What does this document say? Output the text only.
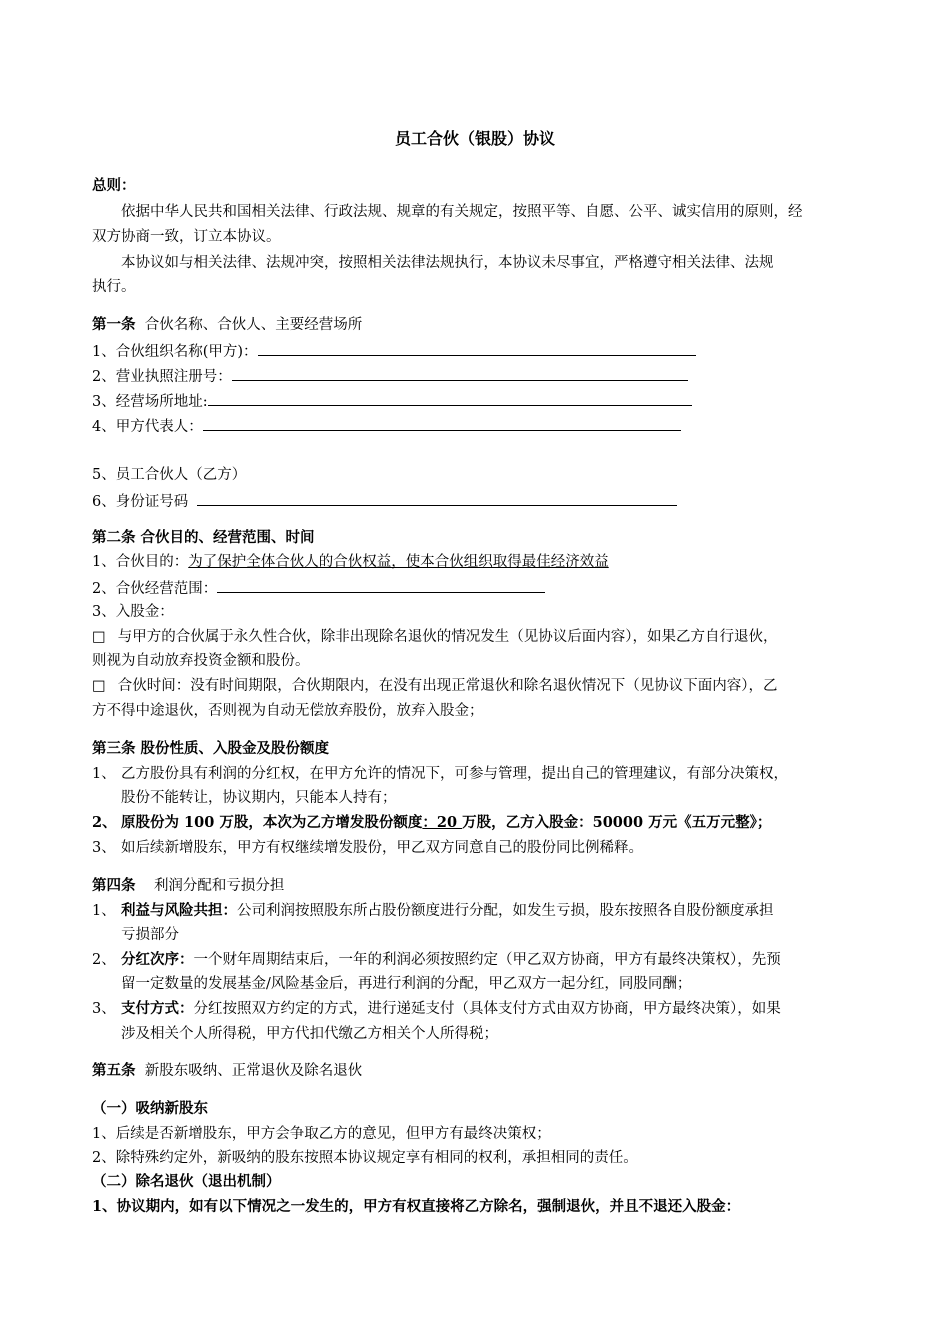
员工合伙（银股）协议
总则：
依据中华人民共和国相关法律、行政法规、规章的有关规定，按照平等、自愿、公平、诚实信用的原则，经
双方协商一致，订立本协议。
本协议如与相关法律、法规冲突，按照相关法律法规执行，本协议未尽事宜，严格遵守相关法律、法规
执行。
第一条 合伙名称、合伙人、主要经营场所
1、合伙组织名称(甲方)：
2、营业执照注册号：
3、经营场所地址:
4、甲方代表人：
5、员工合伙人（乙方）
6、身份证号码
第二条 合伙目的、经营范围、时间
1、合伙目的：为了保护全体合伙人的合伙权益，使本合伙组织取得最佳经济效益
2、合伙经营范围：
3、入股金：
□ 与甲方的合伙属于永久性合伙，除非出现除名退伙的情况发生（见协议后面内容），如果乙方自行退伙，
则视为自动放弃投资金额和股份。
□ 合伙时间：没有时间期限，合伙期限内，在没有出现正常退伙和除名退伙情况下（见协议下面内容），乙
方不得中途退伙，否则视为自动无偿放弃股份，放弃入股金；
第三条 股份性质、入股金及股份额度
1、 乙方股份具有利润的分红权，在甲方允许的情况下，可参与管理，提出自己的管理建议，有部分决策权，
股份不能转让，协议期内，只能本人持有；
2、 原股份为 100 万股，本次为乙方增发股份额度：20 万股，乙方入股金：50000 万元《五万元整》；
3、 如后续新增股东，甲方有权继续增发股份，甲乙双方同意自己的股份同比例稀释。
第四条 利润分配和亏损分担
1、 利益与风险共担：公司利润按照股东所占股份额度进行分配，如发生亏损，股东按照各自股份额度承担
亏损部分
2、 分红次序：一个财年周期结束后，一年的利润必须按照约定（甲乙双方协商，甲方有最终决策权），先预
留一定数量的发展基金/风险基金后，再进行利润的分配，甲乙双方一起分红，同股同酬；
3、 支付方式：分红按照双方约定的方式，进行递延支付（具体支付方式由双方协商，甲方最终决策），如果
涉及相关个人所得税，甲方代扣代缴乙方相关个人所得税；
第五条 新股东吸纳、正常退伙及除名退伙
（一）吸纳新股东
1、后续是否新增股东，甲方会争取乙方的意见，但甲方有最终决策权；
2、除特殊约定外，新吸纳的股东按照本协议规定享有相同的权利，承担相同的责任。
（二）除名退伙（退出机制）
1、协议期内，如有以下情况之一发生的，甲方有权直接将乙方除名，强制退伙，并且不退还入股金：
